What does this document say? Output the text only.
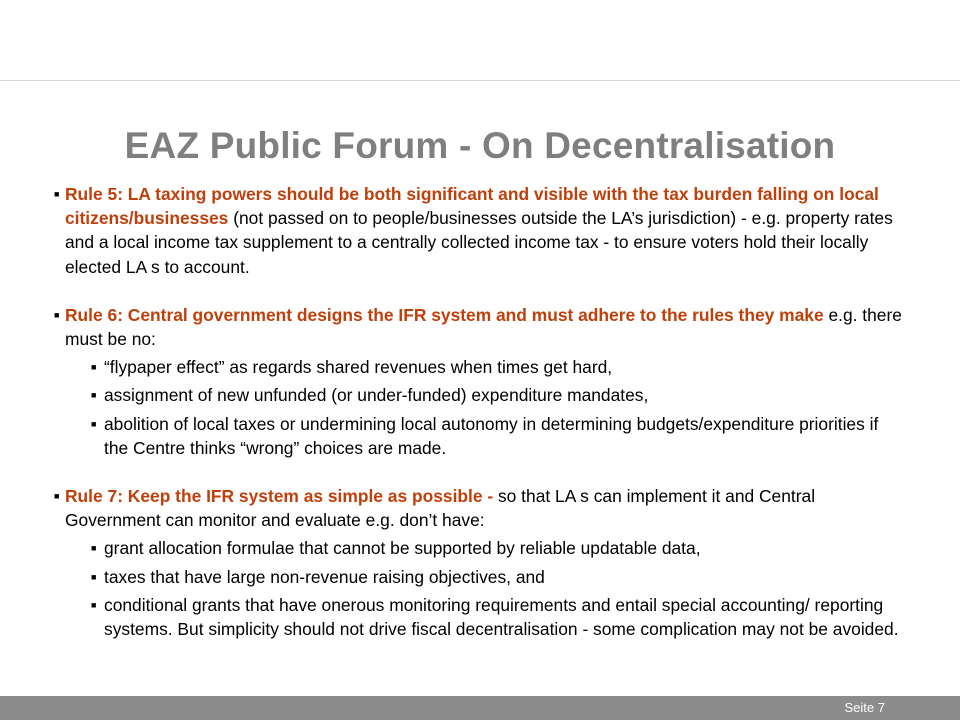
EAZ Public Forum - On Decentralisation
■ Rule 5: LA taxing powers should be both significant and visible with the tax burden falling on local citizens/businesses (not passed on to people/businesses outside the LA’s jurisdiction) - e.g. property rates and a local income tax supplement to a centrally collected income tax - to ensure voters hold their locally elected LA s to account.
■ Rule 6: Central government designs the IFR system and must adhere to the rules they make e.g. there must be no:
■ “flypaper effect” as regards shared revenues when times get hard,
■ assignment of new unfunded (or under-funded) expenditure mandates,
■ abolition of local taxes or undermining local autonomy in determining budgets/expenditure priorities if the Centre thinks “wrong” choices are made.
■ Rule 7: Keep the IFR system as simple as possible - so that LA s can implement it and Central Government can monitor and evaluate e.g. don’t have:
■ grant allocation formulae that cannot be supported by reliable updatable data,
■ taxes that have large non-revenue raising objectives, and
■ conditional grants that have onerous monitoring requirements and entail special accounting/ reporting systems. But simplicity should not drive fiscal decentralisation - some complication may not be avoided.
Seite 7
